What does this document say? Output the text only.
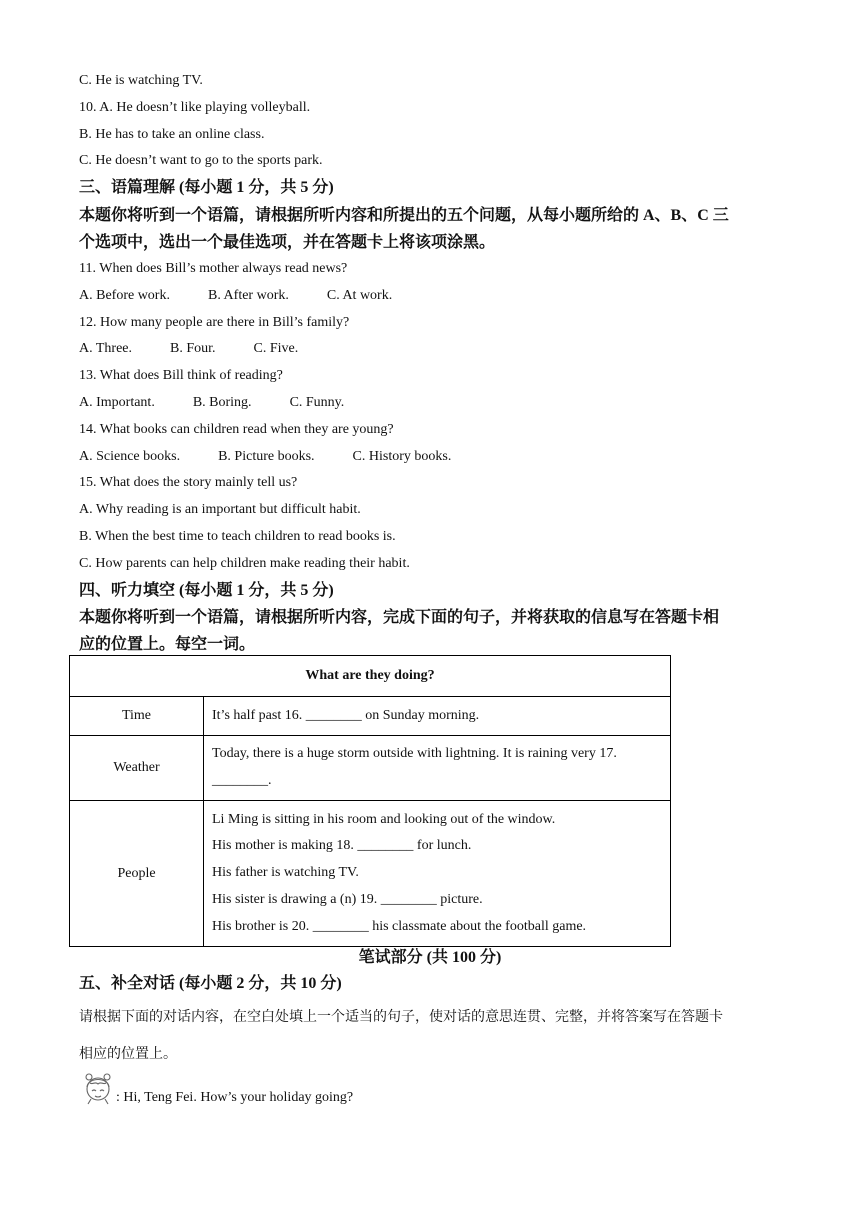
C. He is watching TV.
10. A. He doesn’t like playing volleyball.
B. He has to take an online class.
C. He doesn’t want to go to the sports park.
三、语篇理解 (每小题 1 分，共 5 分)
本题你将听到一个语篇，请根据所听内容和所提出的五个问题，从每小题所给的 A、B、C 三
个选项中，选出一个最佳选项，并在答题卡上将该项涂黑。
11. When does Bill’s mother always read news?
A. Before work.	B. After work.	C. At work.
12. How many people are there in Bill’s family?
A. Three.	B. Four.	C. Five.
13. What does Bill think of reading?
A. Important.	B. Boring.	C. Funny.
14. What books can children read when they are young?
A. Science books.	B. Picture books.	C. History books.
15. What does the story mainly tell us?
A. Why reading is an important but difficult habit.
B. When the best time to teach children to read books is.
C. How parents can help children make reading their habit.
四、听力填空 (每小题 1 分，共 5 分)
本题你将听到一个语篇，请根据所听内容，完成下面的句子，并将获取的信息写在答题卡相
应的位置上。每空一词。
What are they doing?	
Time	It’s half past 16. ________ on Sunday morning.
Weather	Today, there is a huge storm outside with lightning. It is raining very 17.
________.

People	Li Ming is sitting in his room and looking out of the window.
His mother is making 18. ________ for lunch.
His father is watching TV.
His sister is drawing a (n) 19. ________ picture.
His brother is 20. ________ his classmate about the football game.
笔试部分 (共 100 分)
五、补全对话 (每小题 2 分，共 10 分)
请根据下面的对话内容，在空白处填上一个适当的句子，使对话的意思连贯、完整，并将答案写在答题卡
相应的位置上。
: Hi, Teng Fei. How’s your holiday going?
